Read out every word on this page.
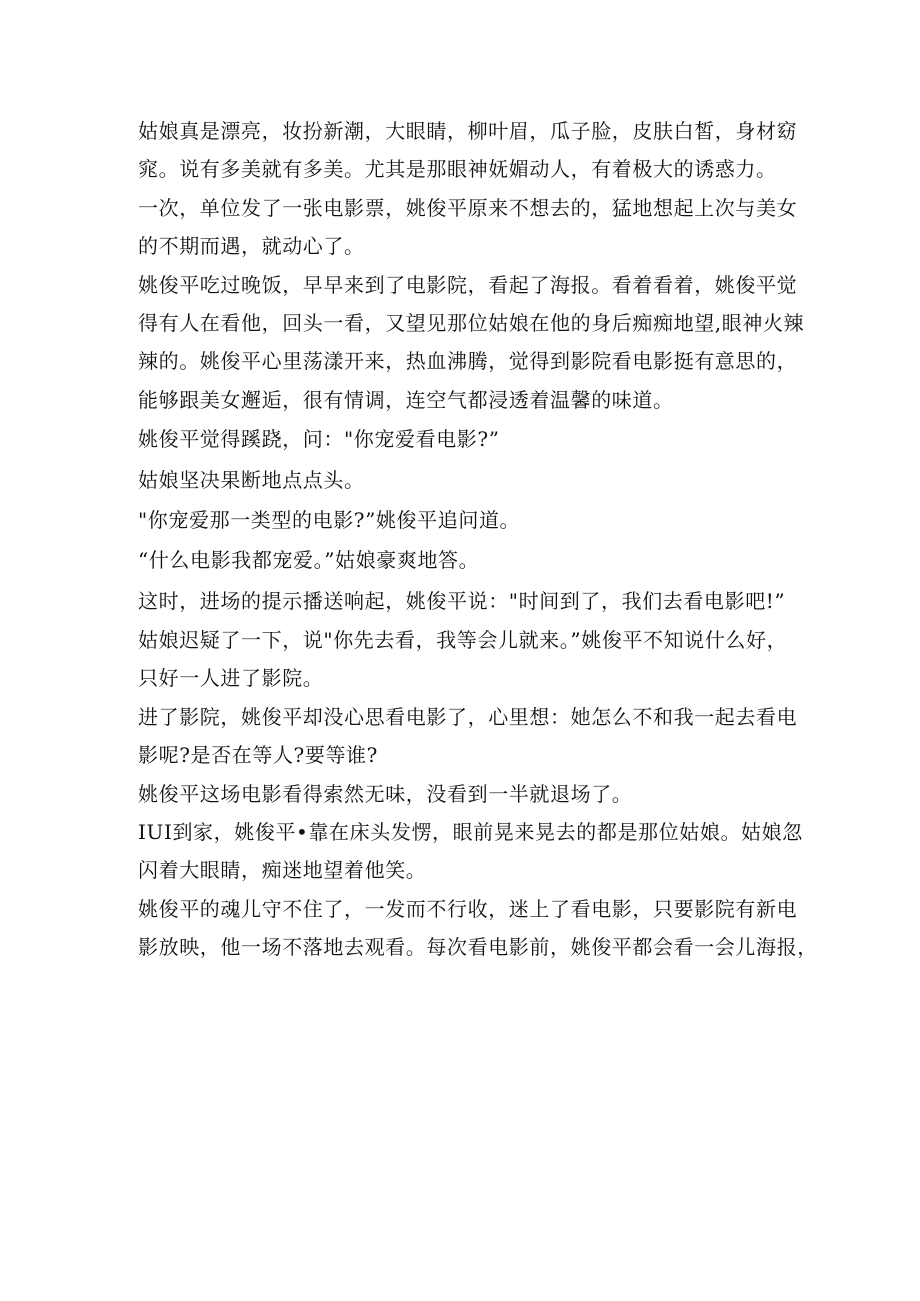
姑娘真是漂亮，妆扮新潮，大眼睛，柳叶眉，瓜子脸，皮肤白皙，身材窈
窕。说有多美就有多美。尤其是那眼神妩媚动人，有着极大的诱惑力。
一次，单位发了一张电影票，姚俊平原来不想去的，猛地想起上次与美女
的不期而遇，就动心了。
姚俊平吃过晚饭，早早来到了电影院，看起了海报。看着看着，姚俊平觉
得有人在看他，回头一看，又望见那位姑娘在他的身后痴痴地望,眼神火辣
辣的。姚俊平心里荡漾开来，热血沸腾，觉得到影院看电影挺有意思的，
能够跟美女邂逅，很有情调，连空气都浸透着温馨的味道。
姚俊平觉得蹊跷，问："你宠爱看电影?”
姑娘坚决果断地点点头。
"你宠爱那一类型的电影?”姚俊平追问道。
“什么电影我都宠爱。”姑娘豪爽地答。
这时，进场的提示播送响起，姚俊平说："时间到了，我们去看电影吧!”
姑娘迟疑了一下，说"你先去看，我等会儿就来。”姚俊平不知说什么好，
只好一人进了影院。
进了影院，姚俊平却没心思看电影了，心里想：她怎么不和我一起去看电
影呢?是否在等人?要等谁?
姚俊平这场电影看得索然无味，没看到一半就退场了。
IUI到家，姚俊平•靠在床头发愣，眼前晃来晃去的都是那位姑娘。姑娘忽
闪着大眼睛，痴迷地望着他笑。
姚俊平的魂儿守不住了，一发而不行收，迷上了看电影，只要影院有新电
影放映，他一场不落地去观看。每次看电影前，姚俊平都会看一会儿海报，
